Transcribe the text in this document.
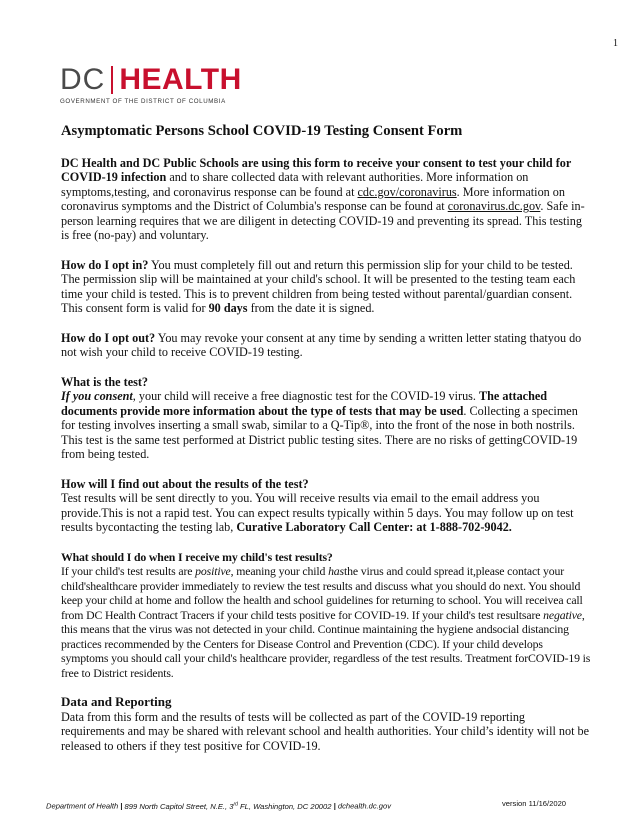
1
DC HEALTH
GOVERNMENT OF THE DISTRICT OF COLUMBIA
Asymptomatic Persons School COVID-19 Testing Consent Form

DC Health and DC Public Schools are using this form to receive your consent to test your child for COVID-19 infection and to share collected data with relevant authorities. More information on symptoms,testing, and coronavirus response can be found at cdc.gov/coronavirus. More information on coronavirus symptoms and the District of Columbia's response can be found at coronavirus.dc.gov. Safe in-person learning requires that we are diligent in detecting COVID-19 and preventing its spread. This testing is free (no-pay) and voluntary.

How do I opt in? You must completely fill out and return this permission slip for your child to be tested. The permission slip will be maintained at your child's school. It will be presented to the testing team each time your child is tested. This is to prevent children from being tested without parental/guardian consent. This consent form is valid for 90 days from the date it is signed.

How do I opt out? You may revoke your consent at any time by sending a written letter stating thatyou do not wish your child to receive COVID-19 testing.

What is the test?
If you consent, your child will receive a free diagnostic test for the COVID-19 virus. The attached documents provide more information about the type of tests that may be used. Collecting a specimen for testing involves inserting a small swab, similar to a Q-Tip®, into the front of the nose in both nostrils. This test is the same test performed at District public testing sites. There are no risks of gettingCOVID-19 from being tested.

How will I find out about the results of the test?
Test results will be sent directly to you. You will receive results via email to the email address you provide.This is not a rapid test. You can expect results typically within 5 days. You may follow up on test results bycontacting the testing lab, Curative Laboratory Call Center: at 1-888-702-9042.

What should I do when I receive my child's test results?
If your child's test results are positive, meaning your child hasthe virus and could spread it,please contact your child'shealthcare provider immediately to review the test results and discuss what you should do next. You should keep your child at home and follow the health and school guidelines for returning to school. You will receivea call from DC Health Contract Tracers if your child tests positive for COVID-19. If your child's test resultsare negative, this means that the virus was not detected in your child. Continue maintaining the hygiene andsocial distancing practices recommended by the Centers for Disease Control and Prevention (CDC). If your child develops symptoms you should call your child's healthcare provider, regardless of the test results. Treatment forCOVID-19 is free to District residents.

Data and Reporting
Data from this form and the results of tests will be collected as part of the COVID-19 reporting requirements and may be shared with relevant school and health authorities. Your child’s identity will not be released to others if they test positive for COVID-19.

Department of Health | 899 North Capitol Street, N.E., 3rd FL, Washington, DC 20002 | dchealth.dc.gov	version 11/16/2020
